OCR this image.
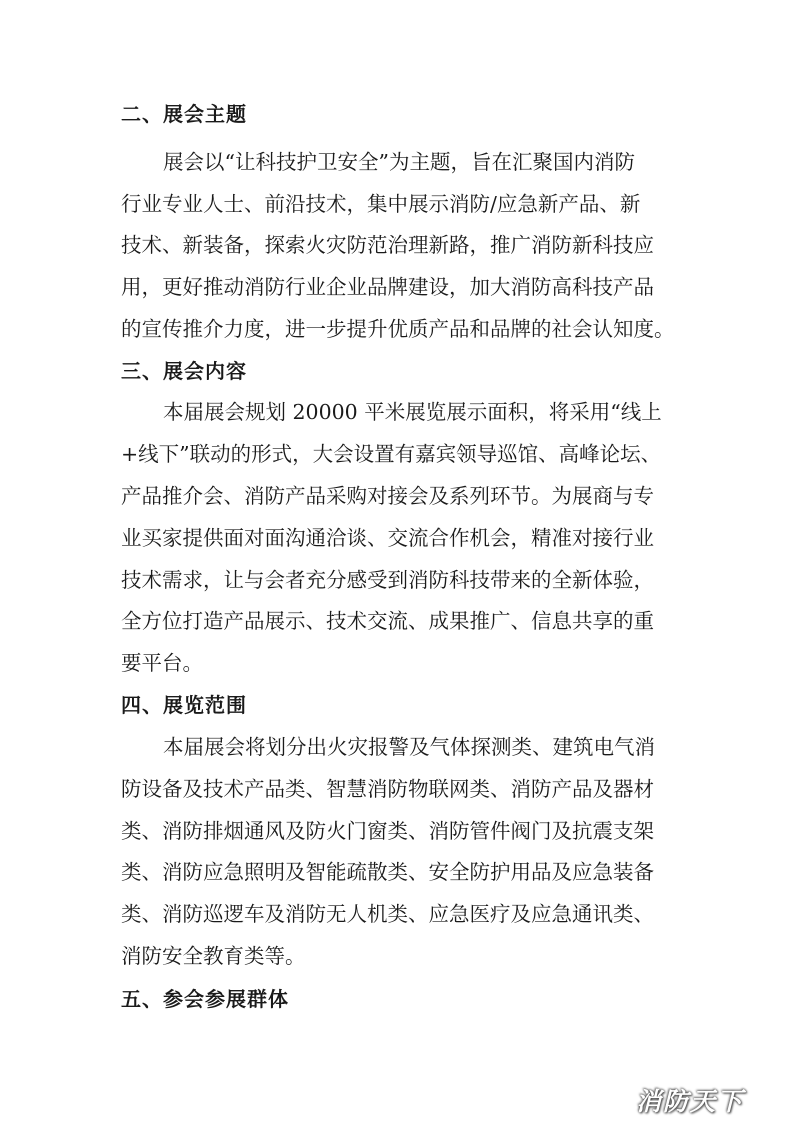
二、展会主题
展会以“让科技护卫安全”为主题，旨在汇聚国内消防
行业专业人士、前沿技术，集中展示消防/应急新产品、新
技术、新装备，探索火灾防范治理新路，推广消防新科技应
用，更好推动消防行业企业品牌建设，加大消防高科技产品
的宣传推介力度，进一步提升优质产品和品牌的社会认知度。
三、展会内容
本届展会规划 20000 平米展览展示面积，将采用“线上
+线下”联动的形式，大会设置有嘉宾领导巡馆、高峰论坛、
产品推介会、消防产品采购对接会及系列环节。为展商与专
业买家提供面对面沟通洽谈、交流合作机会，精准对接行业
技术需求，让与会者充分感受到消防科技带来的全新体验，
全方位打造产品展示、技术交流、成果推广、信息共享的重
要平台。
四、展览范围
本届展会将划分出火灾报警及气体探测类、建筑电气消
防设备及技术产品类、智慧消防物联网类、消防产品及器材
类、消防排烟通风及防火门窗类、消防管件阀门及抗震支架
类、消防应急照明及智能疏散类、安全防护用品及应急装备
类、消防巡逻车及消防无人机类、应急医疗及应急通讯类、
消防安全教育类等。
五、参会参展群体
消防天下
